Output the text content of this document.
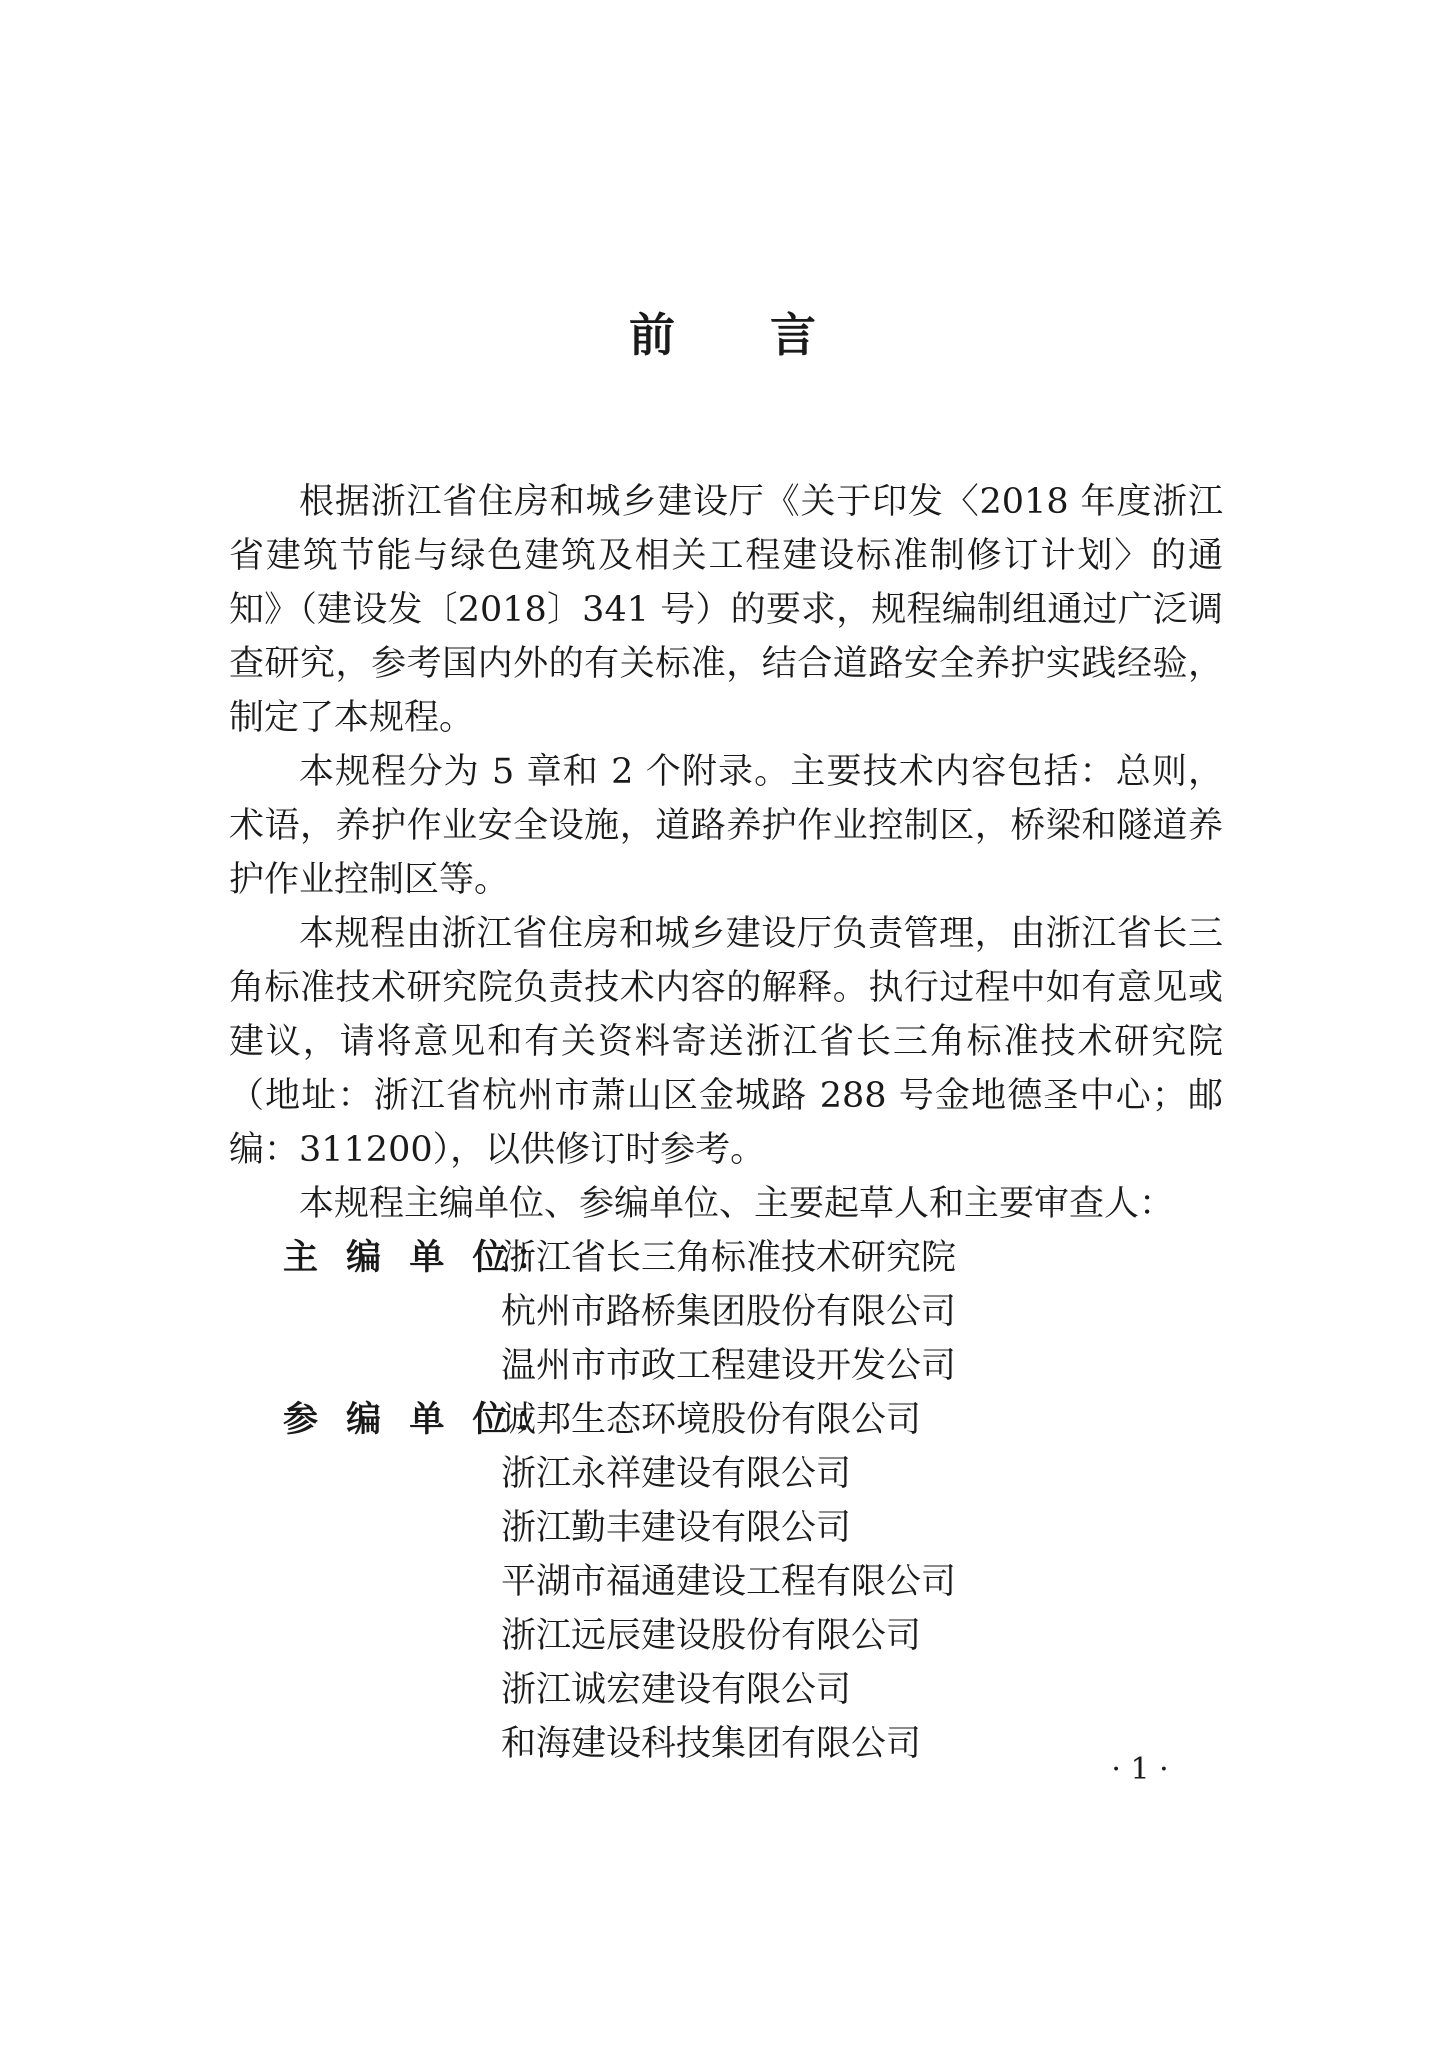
前 言

根据浙江省住房和城乡建设厅《关于印发〈2018 年度浙江省建筑节能与绿色建筑及相关工程建设标准制修订计划〉的通知》（建设发〔2018〕341 号）的要求，规程编制组通过广泛调查研究，参考国内外的有关标准，结合道路安全养护实践经验，制定了本规程。

本规程分为 5 章和 2 个附录。主要技术内容包括：总则，术语，养护作业安全设施，道路养护作业控制区，桥梁和隧道养护作业控制区等。

本规程由浙江省住房和城乡建设厅负责管理，由浙江省长三角标准技术研究院负责技术内容的解释。执行过程中如有意见或建议，请将意见和有关资料寄送浙江省长三角标准技术研究院（地址：浙江省杭州市萧山区金城路 288 号金地德圣中心；邮编：311200），以供修订时参考。

本规程主编单位、参编单位、主要起草人和主要审查人：

主 编 单 位：
浙江省长三角标准技术研究院
杭州市路桥集团股份有限公司
温州市市政工程建设开发公司
参 编 单 位：
诚邦生态环境股份有限公司
浙江永祥建设有限公司
浙江勤丰建设有限公司
平湖市福通建设工程有限公司
浙江远辰建设股份有限公司
浙江诚宏建设有限公司
和海建设科技集团有限公司
· 1 ·
